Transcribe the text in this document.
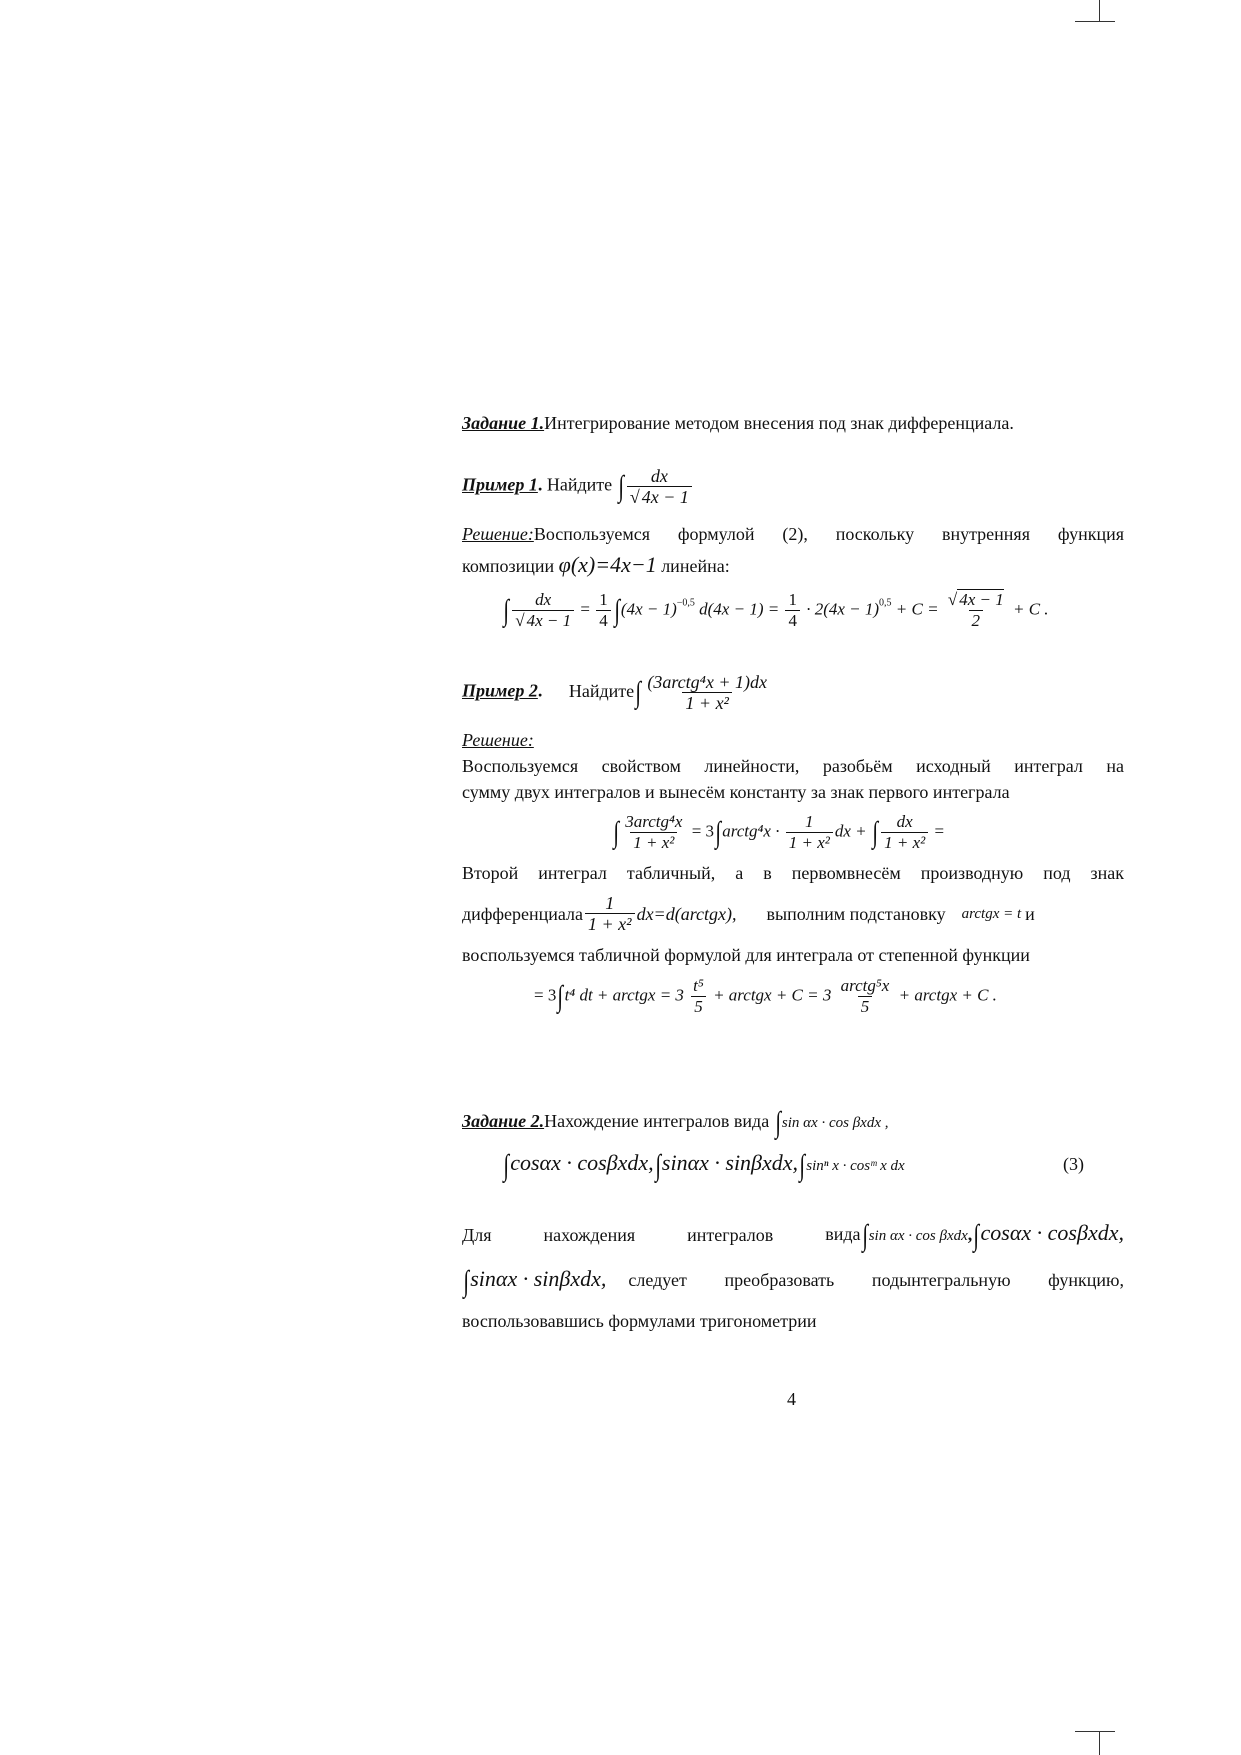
Задание 1.Интегрирование методом внесения под знак дифференциала.
Пример 1. Найдите ∫ $\frac{dx}{√ 4x - 1}$
Решение:Воспользуемся формулой (2), поскольку внутренняя функция
композиции φ(x)=4x−1 линейна:
∫ $\frac{dx}{√ 4x - 1} = \frac{1}{4} \int(4x - 1)^{-0,5}$ $d(4x - 1) = \frac{1}{4} \cdot 2(4x - 1)^{0,5} + C = \frac{√ 4x - 1}{2} + C$ .
Пример 2. Найдите∫ $\frac{\text{(3arctg⁴x + 1)dx}}{\text{1 + x²}}$
Решение:
Воспользуемся свойством линейности, разобьём исходный интеграл на
сумму двух интегралов и вынесём константу за знак первого интеграла
∫ $\frac{\text{3arctg⁴x}}{\text{1 + x²}}$ = 3∫arctg⁴x · $\frac{1}{\text{1 + x²}}$ dx + ∫ $\frac{dx}{\text{1 + x²}}$ =
Второй интеграл табличный, а в первомвнесём производную под знак
дифференциала $\frac{1}{\text{1 + x²}}$ dx=d(arctgx), выполним подстановку arctgx = t и
воспользуемся табличной формулой для интеграла от степенной функции
= 3∫t⁴ dt + arctgx = $3 \frac{\text{t⁵}}{5}$ + arctgx + $C = 3 \frac{\text{arctg⁵x}}{5}$ + arctgx + C .
Задание 2.Нахождение интегралов вида ∫sin αx · cos βxdx ,
∫cosαx · cosβxdx,∫sinαx · sinβxdx,∫sinⁿ x · cosᵐ x dx	(3)
Для	нахождения	интегралов	вида∫sin αx · cos βxdx,∫cosαx · cosβxdx,
∫sinαx · sinβxdx, следует преобразовать подынтегральную функцию,
воспользовавшись формулами тригонометрии
4
